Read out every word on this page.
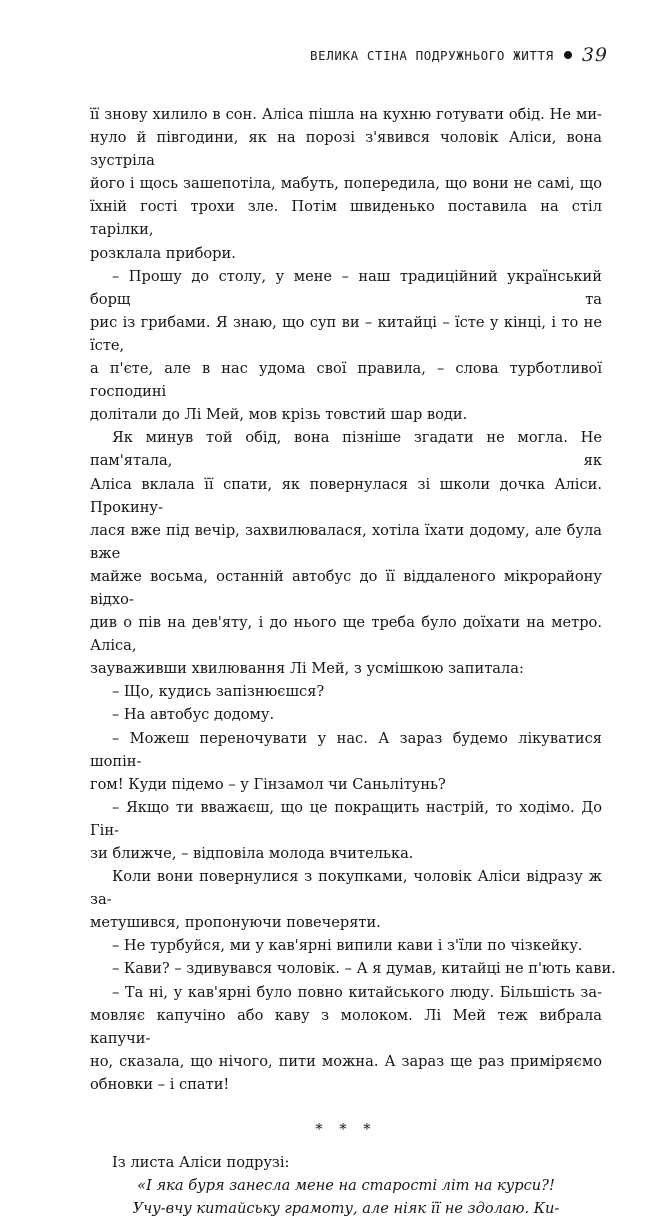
ВЕЛИКА СТІНА ПОДРУЖНЬОГО ЖИТТЯ 39
її знову хилило в сон. Аліса пішла на кухню готувати обід. Не ми-
нуло й півгодини, як на порозі з'явився чоловік Аліси, вона зустріла
його і щось зашепотіла, мабуть, попередила, що вони не самі, що
їхній гості трохи зле. Потім швиденько поставила на стіл тарілки,
розклала прибори.
– Прошу до столу, у мене – наш традиційний український борщ та
рис із грибами. Я знаю, що суп ви – китайці – їсте у кінці, і то не їсте,
а п'єте, але в нас удома свої правила, – слова турботливої господині
долітали до Лі Мей, мов крізь товстий шар води.
Як минув той обід, вона пізніше згадати не могла. Не пам'ятала, як
Аліса вклала її спати, як повернулася зі школи дочка Аліси. Прокину-
лася вже під вечір, захвилювалася, хотіла їхати додому, але була вже
майже восьма, останній автобус до її віддаленого мікрорайону відхо-
див о пів на дев'яту, і до нього ще треба було доїхати на метро. Аліса,
зауваживши хвилювання Лі Мей, з усмішкою запитала:
– Що, кудись запізнюєшся?
– На автобус додому.
– Можеш переночувати у нас. А зараз будемо лікуватися шопін-
гом! Куди підемо – у Гінзамол чи Саньлітунь?
– Якщо ти вважаєш, що це покращить настрій, то ходімо. До Гін-
зи ближче, – відповіла молода вчителька.
Коли вони повернулися з покупками, чоловік Аліси відразу ж за-
метушився, пропонуючи повечеряти.
– Не турбуйся, ми у кав'ярні випили кави і з'їли по чізкейку.
– Кави? – здивувався чоловік. – А я думав, китайці не п'ють кави.
– Та ні, у кав'ярні було повно китайського люду. Більшість за-
мовляє капучіно або каву з молоком. Лі Мей теж вибрала капучи-
но, сказала, що нічого, пити можна. А зараз ще раз приміряємо
обновки – і спати!
* * *
Із листа Аліси подрузі:
«І яка буря занесла мене на старості літ на курси?!
Учу-вчу китайську грамоту, але ніяк її не здолаю. Ки-
